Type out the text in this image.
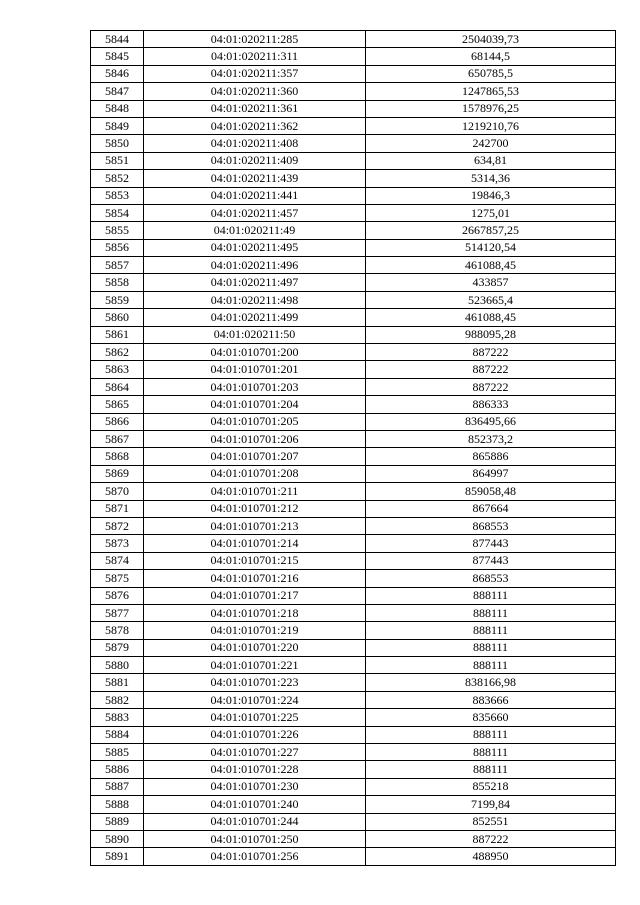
5844	04:01:020211:285	2504039,73
5845	04:01:020211:311	68144,5
5846	04:01:020211:357	650785,5
5847	04:01:020211:360	1247865,53
5848	04:01:020211:361	1578976,25
5849	04:01:020211:362	1219210,76
5850	04:01:020211:408	242700
5851	04:01:020211:409	634,81
5852	04:01:020211:439	5314,36
5853	04:01:020211:441	19846,3
5854	04:01:020211:457	1275,01
5855	04:01:020211:49	2667857,25
5856	04:01:020211:495	514120,54
5857	04:01:020211:496	461088,45
5858	04:01:020211:497	433857
5859	04:01:020211:498	523665,4
5860	04:01:020211:499	461088,45
5861	04:01:020211:50	988095,28
5862	04:01:010701:200	887222
5863	04:01:010701:201	887222
5864	04:01:010701:203	887222
5865	04:01:010701:204	886333
5866	04:01:010701:205	836495,66
5867	04:01:010701:206	852373,2
5868	04:01:010701:207	865886
5869	04:01:010701:208	864997
5870	04:01:010701:211	859058,48
5871	04:01:010701:212	867664
5872	04:01:010701:213	868553
5873	04:01:010701:214	877443
5874	04:01:010701:215	877443
5875	04:01:010701:216	868553
5876	04:01:010701:217	888111
5877	04:01:010701:218	888111
5878	04:01:010701:219	888111
5879	04:01:010701:220	888111
5880	04:01:010701:221	888111
5881	04:01:010701:223	838166,98
5882	04:01:010701:224	883666
5883	04:01:010701:225	835660
5884	04:01:010701:226	888111
5885	04:01:010701:227	888111
5886	04:01:010701:228	888111
5887	04:01:010701:230	855218
5888	04:01:010701:240	7199,84
5889	04:01:010701:244	852551
5890	04:01:010701:250	887222
5891	04:01:010701:256	488950
